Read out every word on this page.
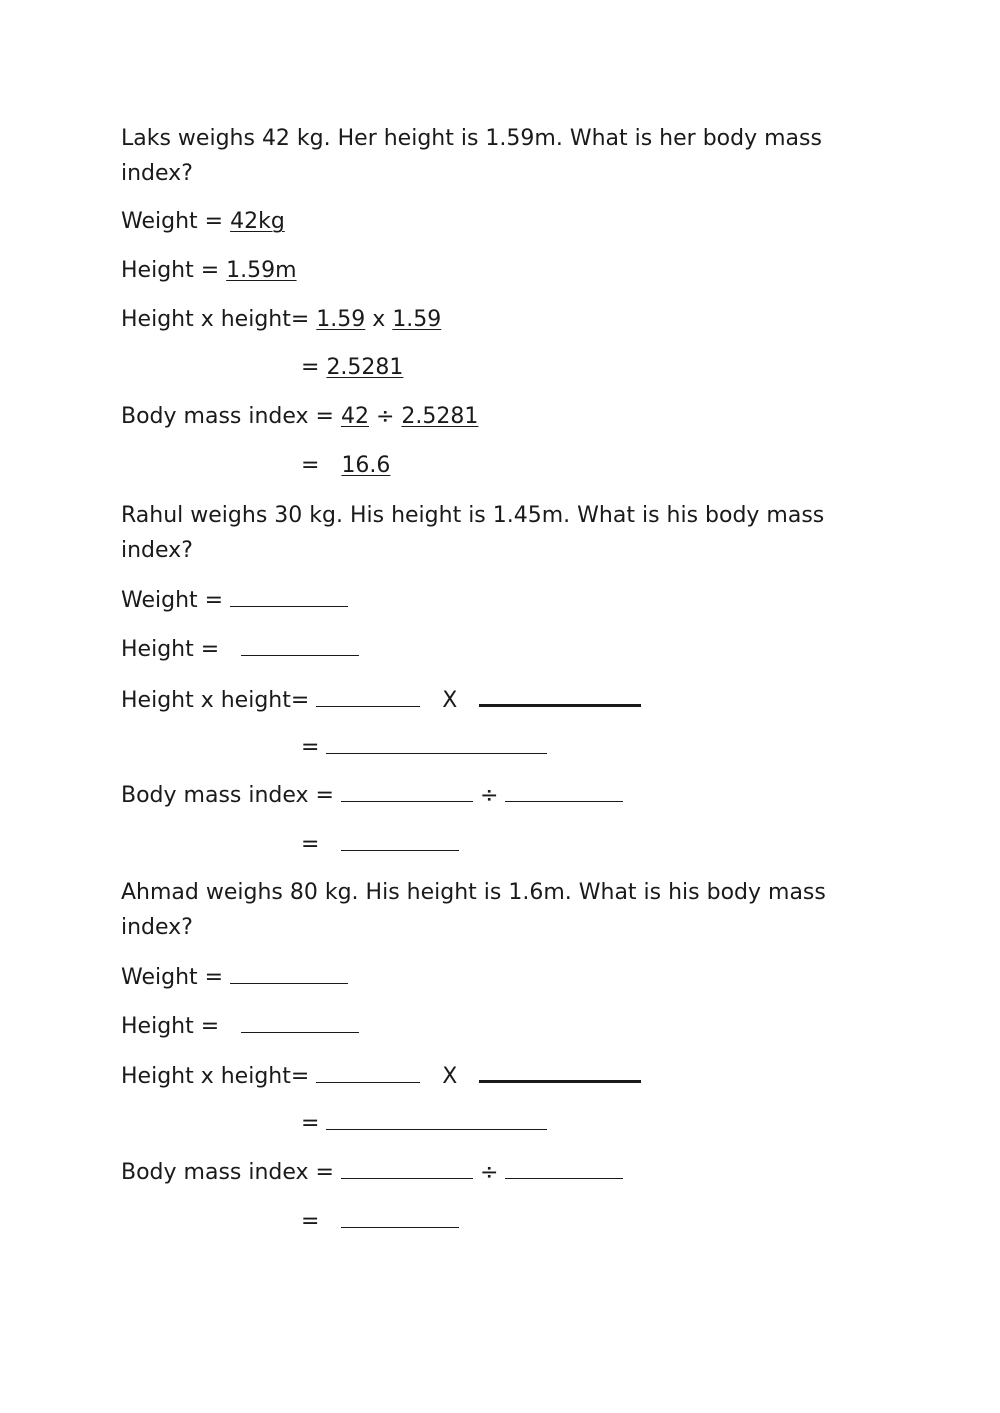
Laks weighs 42 kg. Her height is 1.59m. What is her body mass index?

Weight = 42kg
Height = 1.59m
Height x height= 1.59 x 1.59
= 2.5281
Body mass index = 42 ÷ 2.5281
= 16.6

Rahul weighs 30 kg. His height is 1.45m. What is his body mass index?

Weight =
Height =
Height x height=	X
=
Body mass index =	÷
=

Ahmad weighs 80 kg. His height is 1.6m. What is his body mass index?

Weight =
Height =
Height x height=	X
=
Body mass index =	÷
=
